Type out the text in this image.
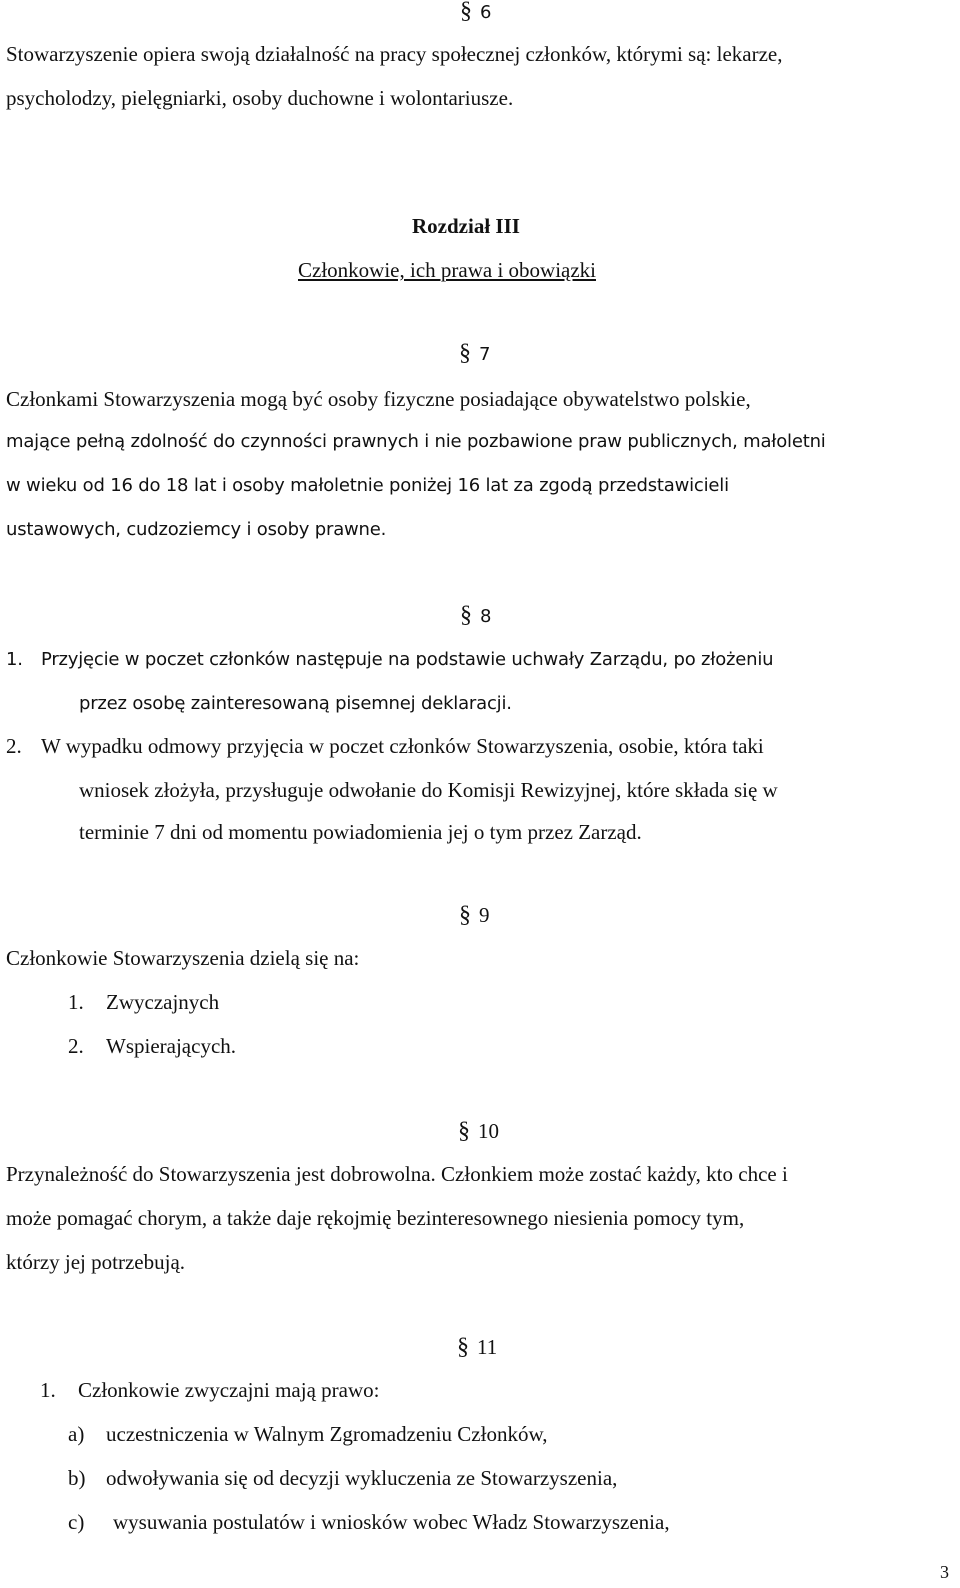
§ 6
Stowarzyszenie opiera swoją działalność na pracy społecznej członków, którymi są: lekarze,
psycholodzy, pielęgniarki, osoby duchowne i wolontariusze.
Rozdział III
Członkowie, ich prawa i obowiązki
§ 7
Członkami Stowarzyszenia mogą być osoby fizyczne posiadające obywatelstwo polskie,
mające pełną zdolność do czynności prawnych i nie pozbawione praw publicznych, małoletni
w wieku od 16 do 18 lat i osoby małoletnie poniżej 16 lat za zgodą przedstawicieli
ustawowych, cudzoziemcy i osoby prawne.
§ 8
1. Przyjęcie w poczet członków następuje na podstawie uchwały Zarządu, po złożeniu
przez osobę zainteresowaną pisemnej deklaracji.
2. W wypadku odmowy przyjęcia w poczet członków Stowarzyszenia, osobie, która taki
wniosek złożyła, przysługuje odwołanie do Komisji Rewizyjnej, które składa się w
terminie 7 dni od momentu powiadomienia jej o tym przez Zarząd.
§ 9
Członkowie Stowarzyszenia dzielą się na:
1. Zwyczajnych
2. Wspierających.
§ 10
Przynależność do Stowarzyszenia jest dobrowolna. Członkiem może zostać każdy, kto chce i
może pomagać chorym, a także daje rękojmię bezinteresownego niesienia pomocy tym,
którzy jej potrzebują.
§ 11
1. Członkowie zwyczajni mają prawo:
a) uczestniczenia w Walnym Zgromadzeniu Członków,
b) odwoływania się od decyzji wykluczenia ze Stowarzyszenia,
c) wysuwania postulatów i wniosków wobec Władz Stowarzyszenia,
3
